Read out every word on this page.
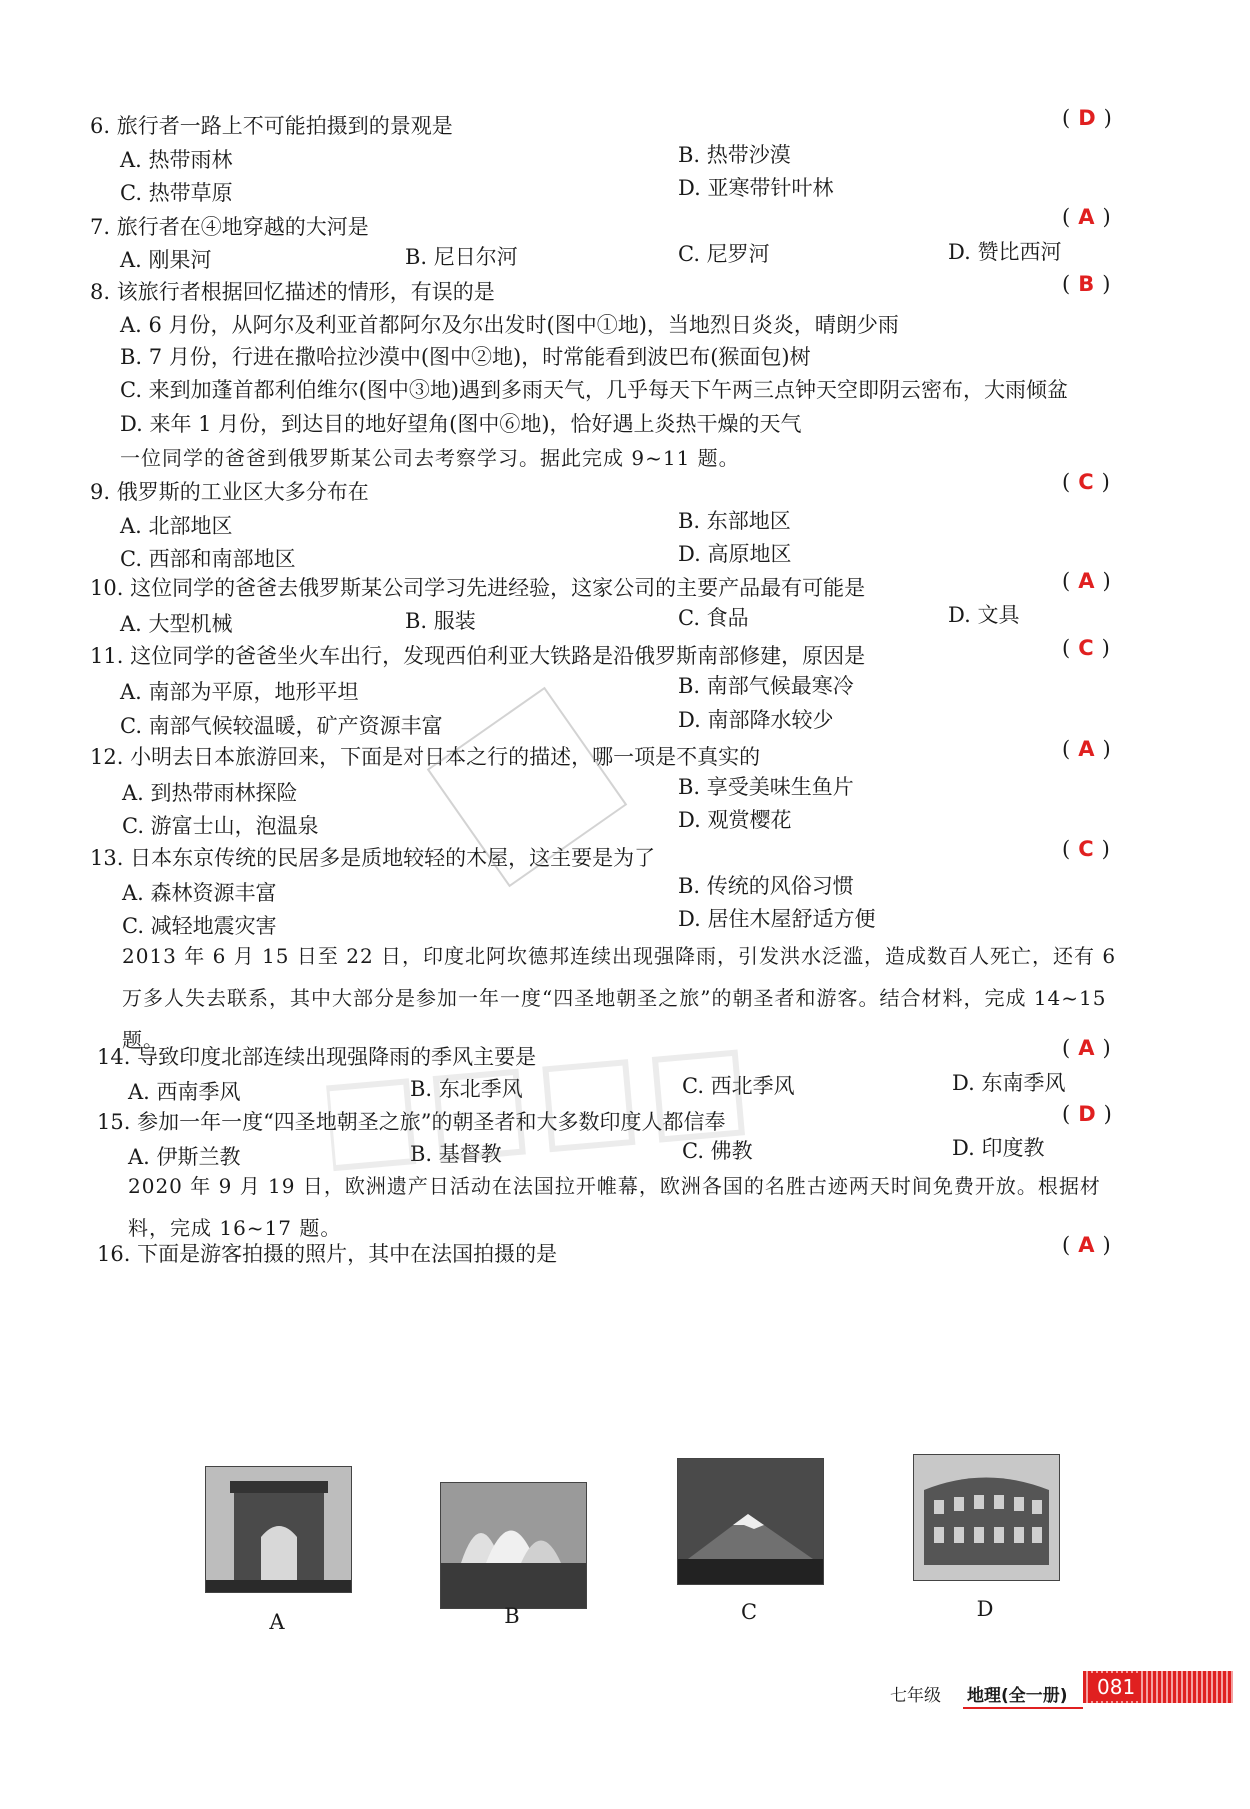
6. 旅行者一路上不可能拍摄到的景观是	( D )
A. 热带雨林	B. 热带沙漠
C. 热带草原	D. 亚寒带针叶林
7. 旅行者在④地穿越的大河是	( A )
A. 刚果河	B. 尼日尔河	C. 尼罗河	D. 赞比西河
8. 该旅行者根据回忆描述的情形，有误的是	( B )
A. 6 月份，从阿尔及利亚首都阿尔及尔出发时(图中①地)，当地烈日炎炎，晴朗少雨
B. 7 月份，行进在撒哈拉沙漠中(图中②地)，时常能看到波巴布(猴面包)树
C. 来到加蓬首都利伯维尔(图中③地)遇到多雨天气，几乎每天下午两三点钟天空即阴云密布，大雨倾盆
D. 来年 1 月份，到达目的地好望角(图中⑥地)，恰好遇上炎热干燥的天气
一位同学的爸爸到俄罗斯某公司去考察学习。据此完成 9~11 题。
9. 俄罗斯的工业区大多分布在	( C )
A. 北部地区	B. 东部地区
C. 西部和南部地区	D. 高原地区
10. 这位同学的爸爸去俄罗斯某公司学习先进经验，这家公司的主要产品最有可能是	( A )
A. 大型机械	B. 服装	C. 食品	D. 文具
11. 这位同学的爸爸坐火车出行，发现西伯利亚大铁路是沿俄罗斯南部修建，原因是	( C )
A. 南部为平原，地形平坦	B. 南部气候最寒冷
C. 南部气候较温暖，矿产资源丰富	D. 南部降水较少
12. 小明去日本旅游回来，下面是对日本之行的描述，哪一项是不真实的	( A )
A. 到热带雨林探险	B. 享受美味生鱼片
C. 游富士山，泡温泉	D. 观赏樱花
13. 日本东京传统的民居多是质地较轻的木屋，这主要是为了	( C )
A. 森林资源丰富	B. 传统的风俗习惯
C. 减轻地震灾害	D. 居住木屋舒适方便
2013 年 6 月 15 日至 22 日，印度北阿坎德邦连续出现强降雨，引发洪水泛滥，造成数百人死亡，还有 6 万多人失去联系，其中大部分是参加一年一度“四圣地朝圣之旅”的朝圣者和游客。结合材料，完成 14~15 题。
14. 导致印度北部连续出现强降雨的季风主要是	( A )
A. 西南季风	B. 东北季风	C. 西北季风	D. 东南季风
15. 参加一年一度“四圣地朝圣之旅”的朝圣者和大多数印度人都信奉	( D )
A. 伊斯兰教	B. 基督教	C. 佛教	D. 印度教
2020 年 9 月 19 日，欧洲遗产日活动在法国拉开帷幕，欧洲各国的名胜古迹两天时间免费开放。根据材料，完成 16~17 题。
16. 下面是游客拍摄的照片，其中在法国拍摄的是	( A )
A	B	C	D
七年级 地理(全一册)	081
